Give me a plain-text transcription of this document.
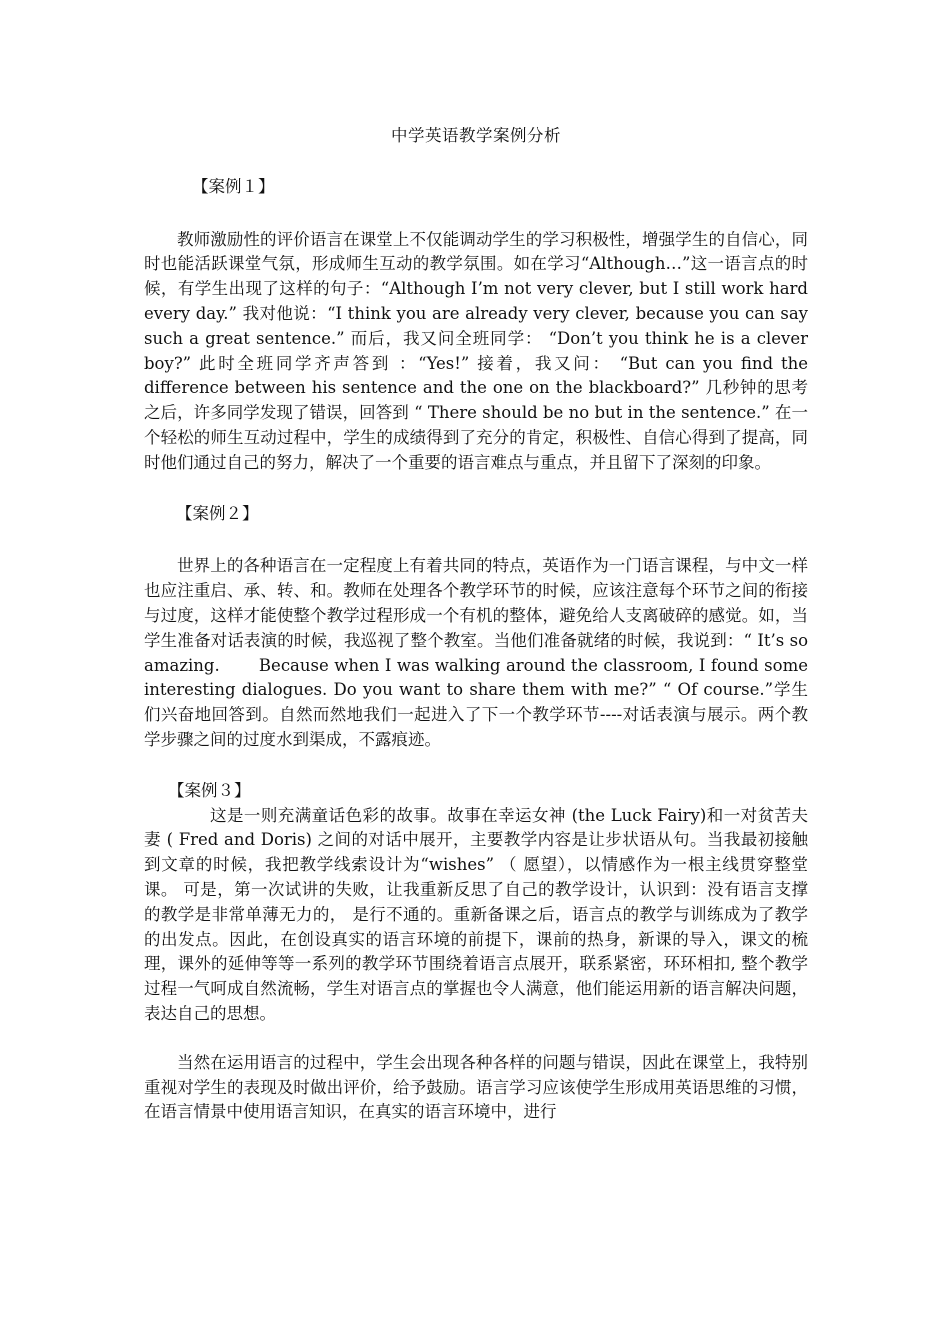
中学英语教学案例分析
【案例１】

教师激励性的评价语言在课堂上不仅能调动学生的学习积极性，增强学生的自信心，同时也能活跃课堂气氛，形成师生互动的教学氛围。如在学习“Although…”这一语言点的时候，有学生出现了这样的句子：“Although I’m not very clever, but I still work hard every day.” 我对他说：“I think you are already very clever, because you can say such a great sentence.” 而后，我又问全班同学： “Don’t you think he is a clever boy?” 此时全班同学齐声答到 ：“Yes!” 接着，我又问： “But can you find the difference between his sentence and the one on the blackboard?” 几秒钟的思考之后，许多同学发现了错误，回答到 “ There should be no but in the sentence.” 在一个轻松的师生互动过程中，学生的成绩得到了充分的肯定，积极性、自信心得到了提高，同时他们通过自己的努力，解决了一个重要的语言难点与重点，并且留下了深刻的印象。

【案例２】

世界上的各种语言在一定程度上有着共同的特点，英语作为一门语言课程，与中文一样也应注重启、承、转、和。教师在处理各个教学环节的时候，应该注意每个环节之间的衔接与过度，这样才能使整个教学过程形成一个有机的整体，避免给人支离破碎的感觉。如，当学生准备对话表演的时候，我巡视了整个教室。当他们准备就绪的时候，我说到：“ It’s so amazing.　　 Because when I was walking around the classroom, I found some interesting dialogues. Do you want to share them with me?” “ Of course.”学生们兴奋地回答到。自然而然地我们一起进入了下一个教学环节----对话表演与展示。两个教学步骤之间的过度水到渠成，不露痕迹。

【案例３】

这是一则充满童话色彩的故事。故事在幸运女神 (the Luck Fairy)和一对贫苦夫妻 ( Fred and Doris) 之间的对话中展开，主要教学内容是让步状语从句。当我最初接触到文章的时候，我把教学线索设计为“wishes” （ 愿望），以情感作为一根主线贯穿整堂课。 可是，第一次试讲的失败，让我重新反思了自己的教学设计，认识到：没有语言支撑的教学是非常单薄无力的， 是行不通的。重新备课之后，语言点的教学与训练成为了教学的出发点。因此，在创设真实的语言环境的前提下，课前的热身，新课的导入，课文的梳理，课外的延伸等等一系列的教学环节围绕着语言点展开，联系紧密，环环相扣, 整个教学过程一气呵成自然流畅，学生对语言点的掌握也令人满意，他们能运用新的语言解决问题，表达自己的思想。

当然在运用语言的过程中，学生会出现各种各样的问题与错误，因此在课堂上，我特别重视对学生的表现及时做出评价，给予鼓励。语言学习应该使学生形成用英语思维的习惯，在语言情景中使用语言知识，在真实的语言环境中，进行
